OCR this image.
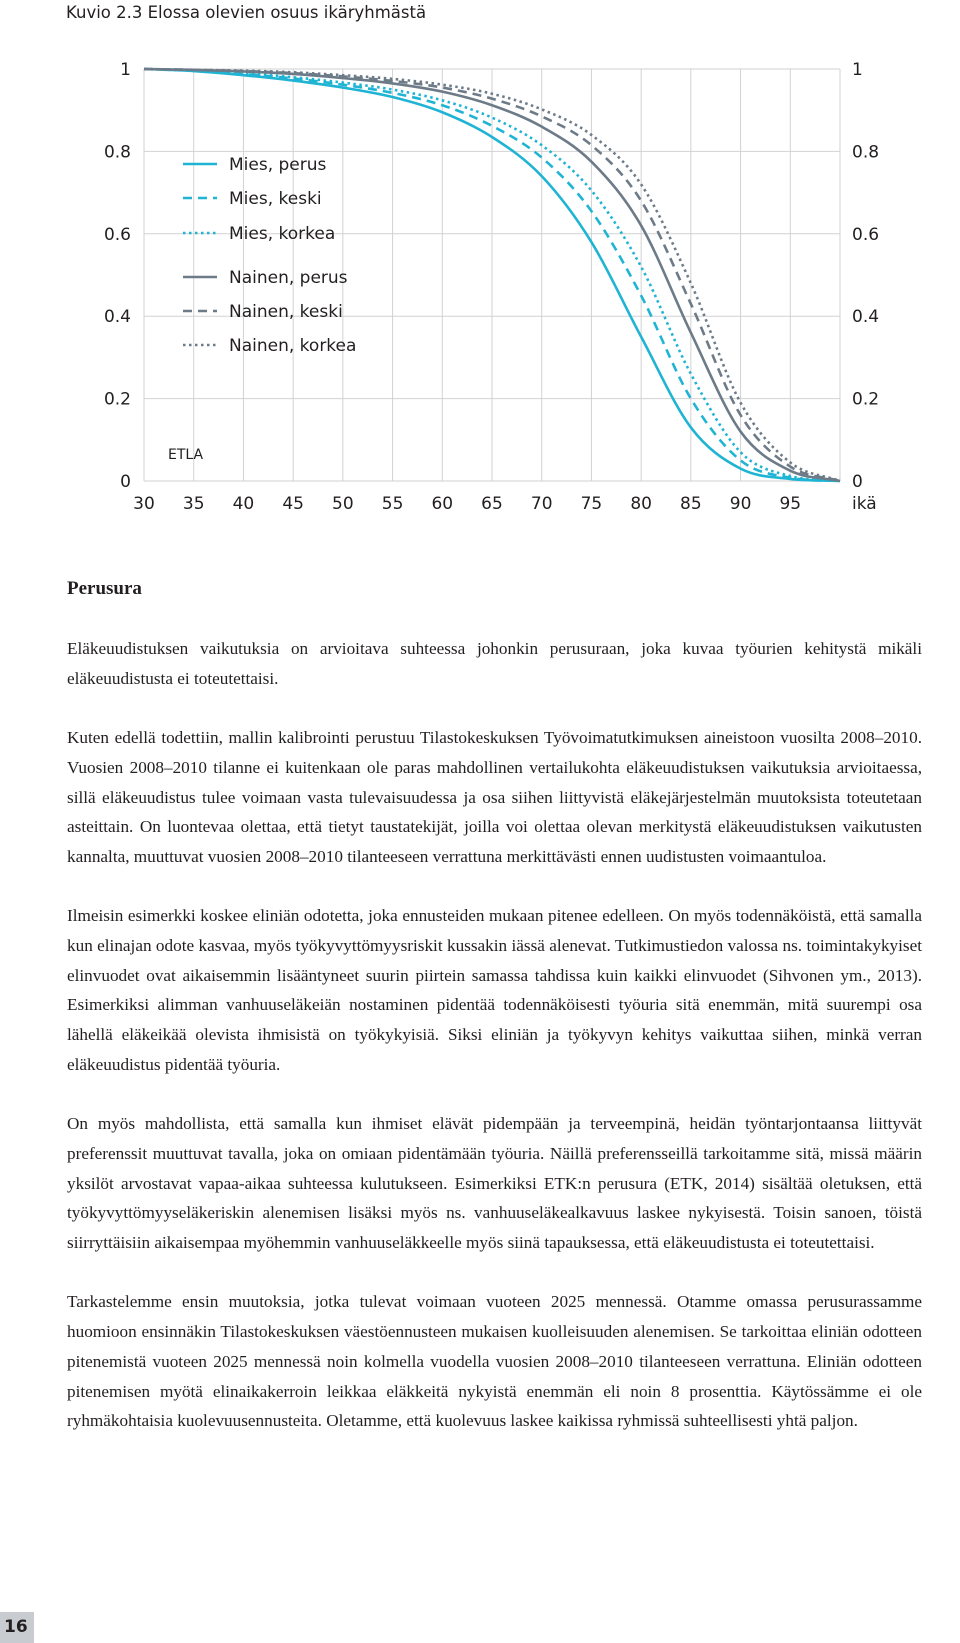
Kuvio 2.3 Elossa olevien osuus ikäryhmästä
0	0
0.2	0.2
0.4	0.4
0.6	0.6
0.8	0.8
1	1
30 35 40 45 50 55 60 65 70 75 80 85 90 95
Mies, perus
Mies, keski
Mies, korkea
Nainen, perus
Nainen, keski
Nainen, korkea
ETLA
ikä
Perusura

Eläkeuudistuksen vaikutuksia on arvioitava suhteessa johonkin perusuraan, joka kuvaa työurien kehitystä mikäli eläkeuudistusta ei toteutettaisi.

Kuten edellä todettiin, mallin kalibrointi perustuu Tilastokeskuksen Työvoimatutkimuksen aineistoon vuosilta 2008–2010. Vuosien 2008–2010 tilanne ei kuitenkaan ole paras mahdollinen vertailukohta eläkeuudistuksen vaikutuksia arvioitaessa, sillä eläkeuudistus tulee voimaan vasta tulevaisuudessa ja osa siihen liittyvistä eläkejärjestelmän muutoksista toteutetaan asteittain. On luontevaa olettaa, että tietyt taustatekijät, joilla voi olettaa olevan merkitystä eläkeuudistuksen vaikutusten kannalta, muuttuvat vuosien 2008–2010 tilanteeseen verrattuna merkittävästi ennen uudistusten voimaantuloa.

Ilmeisin esimerkki koskee eliniän odotetta, joka ennusteiden mukaan pitenee edelleen. On myös todennäköistä, että samalla kun elinajan odote kasvaa, myös työkyvyttömyysriskit kussakin iässä alenevat. Tutkimustiedon valossa ns. toimintakykyiset elinvuodet ovat aikaisemmin lisääntyneet suurin piirtein samassa tahdissa kuin kaikki elinvuodet (Sihvonen ym., 2013). Esimerkiksi alimman vanhuuseläkeiän nostaminen pidentää todennäköisesti työuria sitä enemmän, mitä suurempi osa lähellä eläkeikää olevista ihmisistä on työkykyisiä. Siksi eliniän ja työkyvyn kehitys vaikuttaa siihen, minkä verran eläkeuudistus pidentää työuria.

On myös mahdollista, että samalla kun ihmiset elävät pidempään ja terveempinä, heidän työntarjontaansa liittyvät preferenssit muuttuvat tavalla, joka on omiaan pidentämään työuria. Näillä preferensseillä tarkoitamme sitä, missä määrin yksilöt arvostavat vapaa-aikaa suhteessa kulutukseen. Esimerkiksi ETK:n perusura (ETK, 2014) sisältää oletuksen, että työkyvyttömyyseläkeriskin alenemisen lisäksi myös ns. vanhuuseläkealkavuus laskee nykyisestä. Toisin sanoen, töistä siirryttäisiin aikaisempaa myöhemmin vanhuuseläkkeelle myös siinä tapauksessa, että eläkeuudistusta ei toteutettaisi.

Tarkastelemme ensin muutoksia, jotka tulevat voimaan vuoteen 2025 mennessä. Otamme omassa perusurassamme huomioon ensinnäkin Tilastokeskuksen väestöennusteen mukaisen kuolleisuuden alenemisen. Se tarkoittaa eliniän odotteen pitenemistä vuoteen 2025 mennessä noin kolmella vuodella vuosien 2008–2010 tilanteeseen verrattuna. Eliniän odotteen pitenemisen myötä elinaikakerroin leikkaa eläkkeitä nykyistä enemmän eli noin 8 prosenttia. Käytössämme ei ole ryhmäkohtaisia kuolevuusennusteita. Oletamme, että kuolevuus laskee kaikissa ryhmissä suhteellisesti yhtä paljon.

16
